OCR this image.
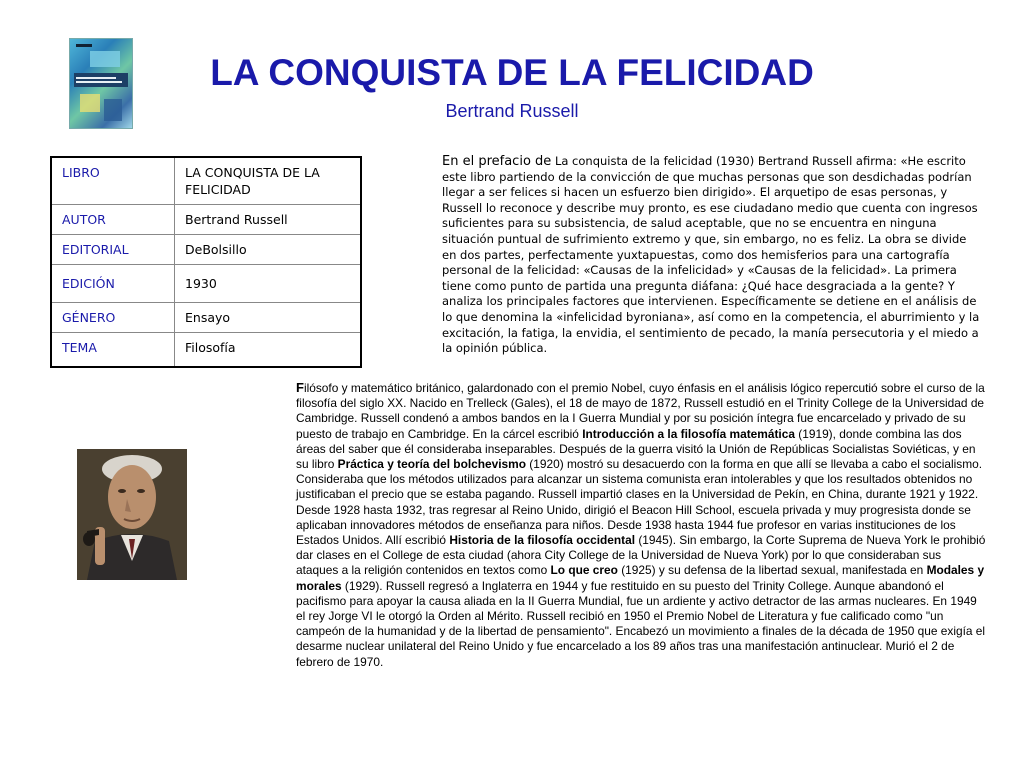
LA CONQUISTA DE LA FELICIDAD
Bertrand Russell
LIBRO	LA CONQUISTA DE LA FELICIDAD
AUTOR	Bertrand Russell
EDITORIAL	DeBolsillo
EDICIÓN	1930
GÉNERO	Ensayo
TEMA	Filosofía
En el prefacio de La conquista de la felicidad (1930) Bertrand Russell afirma: «He escrito este libro partiendo de la convicción de que muchas personas que son desdichadas podrían llegar a ser felices si hacen un esfuerzo bien dirigido». El arquetipo de esas personas, y Russell lo reconoce y describe muy pronto, es ese ciudadano medio que cuenta con ingresos suficientes para su subsistencia, de salud aceptable, que no se encuentra en ninguna situación puntual de sufrimiento extremo y que, sin embargo, no es feliz. La obra se divide en dos partes, perfectamente yuxtapuestas, como dos hemisferios para una cartografía personal de la felicidad: «Causas de la infelicidad» y «Causas de la felicidad». La primera tiene como punto de partida una pregunta diáfana: ¿Qué hace desgraciada a la gente? Y analiza los principales factores que intervienen. Específicamente se detiene en el análisis de lo que denomina la «infelicidad byroniana», así como en la competencia, el aburrimiento y la excitación, la fatiga, la envidia, el sentimiento de pecado, la manía persecutoria y el miedo a la opinión pública.
Filósofo y matemático británico, galardonado con el premio Nobel, cuyo énfasis en el análisis lógico repercutió sobre el curso de la filosofía del siglo XX. Nacido en Trelleck (Gales), el 18 de mayo de 1872, Russell estudió en el Trinity College de la Universidad de Cambridge. Russell condenó a ambos bandos en la I Guerra Mundial y por su posición íntegra fue encarcelado y privado de su puesto de trabajo en Cambridge. En la cárcel escribió Introducción a la filosofía matemática (1919), donde combina las dos áreas del saber que él consideraba inseparables. Después de la guerra visitó la Unión de Repúblicas Socialistas Soviéticas, y en su libro Práctica y teoría del bolchevismo (1920) mostró su desacuerdo con la forma en que allí se llevaba a cabo el socialismo. Consideraba que los métodos utilizados para alcanzar un sistema comunista eran intolerables y que los resultados obtenidos no justificaban el precio que se estaba pagando. Russell impartió clases en la Universidad de Pekín, en China, durante 1921 y 1922. Desde 1928 hasta 1932, tras regresar al Reino Unido, dirigió el Beacon Hill School, escuela privada y muy progresista donde se aplicaban innovadores métodos de enseñanza para niños. Desde 1938 hasta 1944 fue profesor en varias instituciones de los Estados Unidos. Allí escribió Historia de la filosofía occidental (1945). Sin embargo, la Corte Suprema de Nueva York le prohibió dar clases en el College de esta ciudad (ahora City College de la Universidad de Nueva York) por lo que consideraban sus ataques a la religión contenidos en textos como Lo que creo (1925) y su defensa de la libertad sexual, manifestada en Modales y morales (1929). Russell regresó a Inglaterra en 1944 y fue restituido en su puesto del Trinity College. Aunque abandonó el pacifismo para apoyar la causa aliada en la II Guerra Mundial, fue un ardiente y activo detractor de las armas nucleares. En 1949 el rey Jorge VI le otorgó la Orden al Mérito. Russell recibió en 1950 el Premio Nobel de Literatura y fue calificado como "un campeón de la humanidad y de la libertad de pensamiento". Encabezó un movimiento a finales de la década de 1950 que exigía el desarme nuclear unilateral del Reino Unido y fue encarcelado a los 89 años tras una manifestación antinuclear. Murió el 2 de febrero de 1970.
